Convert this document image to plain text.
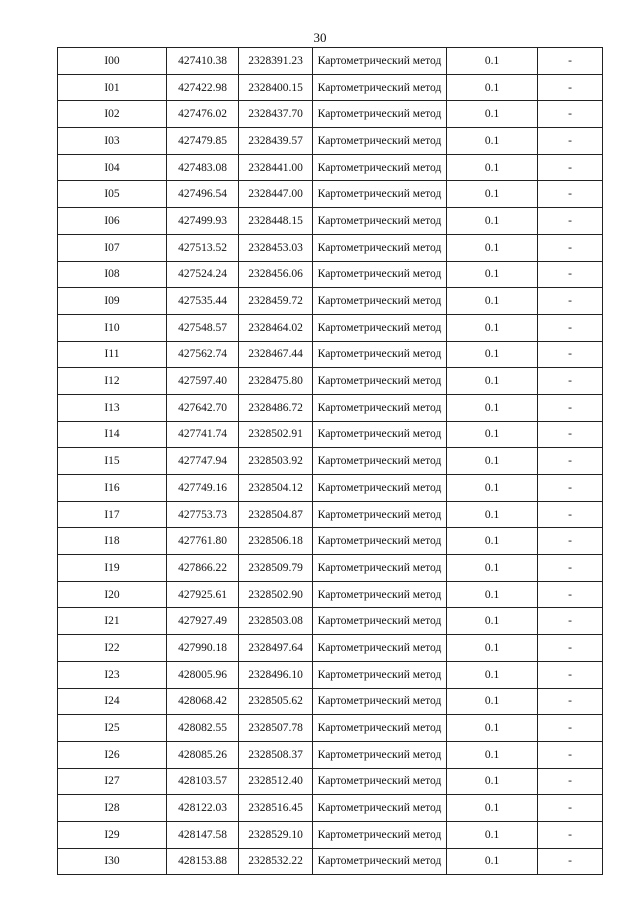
30
I00	427410.38	2328391.23	Картометрический метод	0.1	-
I01	427422.98	2328400.15	Картометрический метод	0.1	-
I02	427476.02	2328437.70	Картометрический метод	0.1	-
I03	427479.85	2328439.57	Картометрический метод	0.1	-
I04	427483.08	2328441.00	Картометрический метод	0.1	-
I05	427496.54	2328447.00	Картометрический метод	0.1	-
I06	427499.93	2328448.15	Картометрический метод	0.1	-
I07	427513.52	2328453.03	Картометрический метод	0.1	-
I08	427524.24	2328456.06	Картометрический метод	0.1	-
I09	427535.44	2328459.72	Картометрический метод	0.1	-
I10	427548.57	2328464.02	Картометрический метод	0.1	-
I11	427562.74	2328467.44	Картометрический метод	0.1	-
I12	427597.40	2328475.80	Картометрический метод	0.1	-
I13	427642.70	2328486.72	Картометрический метод	0.1	-
I14	427741.74	2328502.91	Картометрический метод	0.1	-
I15	427747.94	2328503.92	Картометрический метод	0.1	-
I16	427749.16	2328504.12	Картометрический метод	0.1	-
I17	427753.73	2328504.87	Картометрический метод	0.1	-
I18	427761.80	2328506.18	Картометрический метод	0.1	-
I19	427866.22	2328509.79	Картометрический метод	0.1	-
I20	427925.61	2328502.90	Картометрический метод	0.1	-
I21	427927.49	2328503.08	Картометрический метод	0.1	-
I22	427990.18	2328497.64	Картометрический метод	0.1	-
I23	428005.96	2328496.10	Картометрический метод	0.1	-
I24	428068.42	2328505.62	Картометрический метод	0.1	-
I25	428082.55	2328507.78	Картометрический метод	0.1	-
I26	428085.26	2328508.37	Картометрический метод	0.1	-
I27	428103.57	2328512.40	Картометрический метод	0.1	-
I28	428122.03	2328516.45	Картометрический метод	0.1	-
I29	428147.58	2328529.10	Картометрический метод	0.1	-
I30	428153.88	2328532.22	Картометрический метод	0.1	-
